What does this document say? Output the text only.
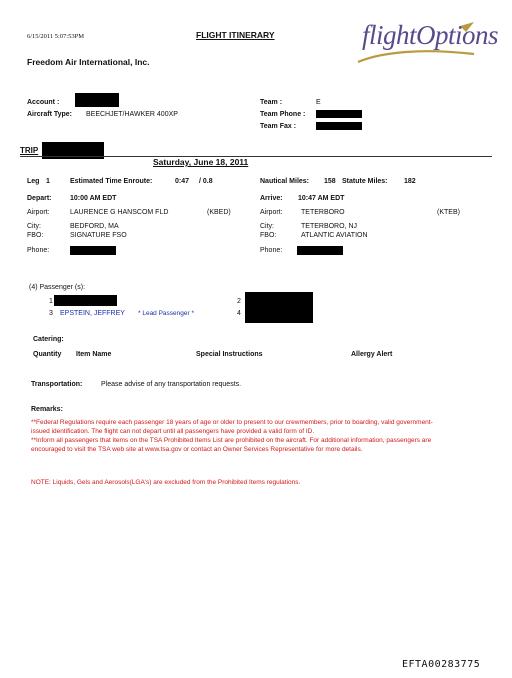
6/15/2011 5:07:53PM	FLIGHT ITINERARY
Freedom Air International, Inc.
flightOptions
Account :
Aircraft Type: BEECHJET/HAWKER 400XP
Team :	E
Team Phone :
Team Fax :
TRIP
Saturday, June 18, 2011
Leg 1	Estimated Time Enroute:	0:47 / 0.8	Nautical Miles: 158 Statute Miles: 182
Depart:	10:00 AM EDT	Arrive: 10:47 AM EDT
Airport:	LAURENCE G HANSCOM FLD	(KBED)	Airport:	TETERBORO	(KTEB)
City:	BEDFORD, MA	City:	TETERBORO, NJ
FBO:	SIGNATURE FSO	FBO:	ATLANTIC AVIATION
Phone:	Phone:
(4) Passenger (s):
1
3 EPSTEIN, JEFFREY * Lead Passenger *
2
4
Catering:
Quantity Item Name	Special Instructions	Allergy Alert
Transportation:	Please advise of any transportation requests.
Remarks:
**Federal Regulations require each passenger 18 years of age or older to present to our crewmembers, prior to boarding, valid government-issued identification. The flight can not depart until all passengers have provided a valid form of ID.
**Inform all passengers that items on the TSA Prohibited Items List are prohibited on the aircraft. For additional information, passengers are encouraged to visit the TSA web site at www.tsa.gov or contact an Owner Services Representative for more details.
NOTE: Liquids, Gels and Aerosols(LGA's) are excluded from the Prohibited Items regulations.
EFTA00283775
